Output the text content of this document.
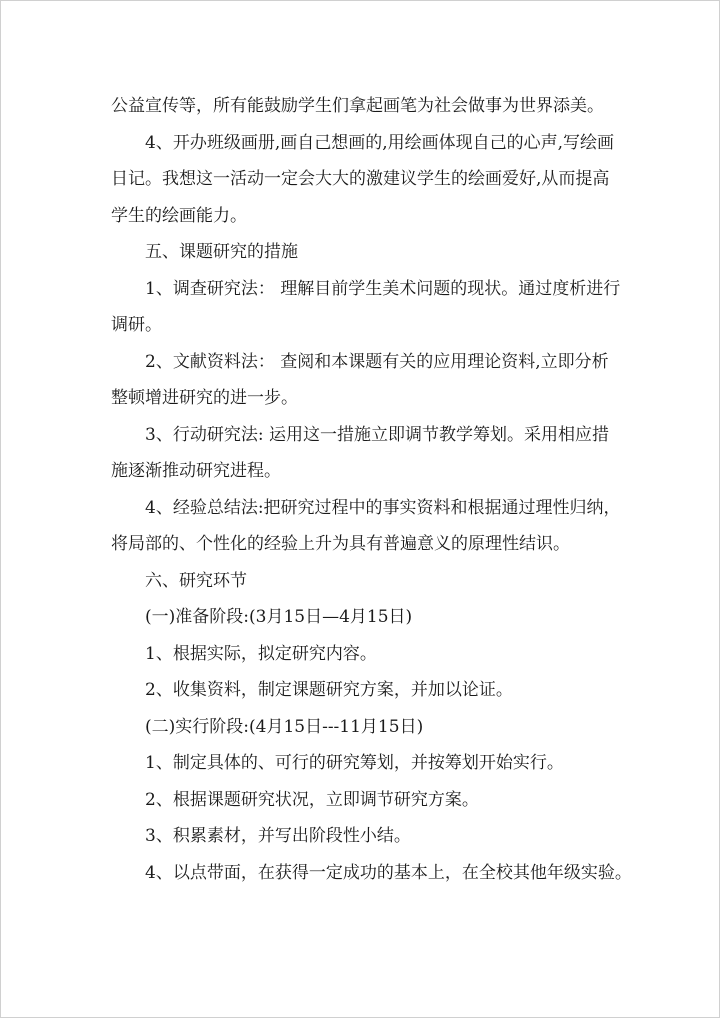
公益宣传等，所有能鼓励学生们拿起画笔为社会做事为世界添美。

4、开办班级画册,画自己想画的,用绘画体现自己的心声,写绘画

日记。我想这一活动一定会大大的激建议学生的绘画爱好,从而提高

学生的绘画能力。

五、课题研究的措施

1、调查研究法： 理解目前学生美术问题的现状。通过度析进行

调研。

2、文献资料法： 查阅和本课题有关的应用理论资料,立即分析

整顿增进研究的进一步。

3、行动研究法: 运用这一措施立即调节教学筹划。采用相应措

施逐渐推动研究进程。

4、经验总结法:把研究过程中的事实资料和根据通过理性归纳，

将局部的、个性化的经验上升为具有普遍意义的原理性结识。

六、研究环节

(一)准备阶段:(3月15日—4月15日)

1、根据实际，拟定研究内容。

2、收集资料，制定课题研究方案，并加以论证。

(二)实行阶段:(4月15日---11月15日)

1、制定具体的、可行的研究筹划，并按筹划开始实行。

2、根据课题研究状况，立即调节研究方案。

3、积累素材，并写出阶段性小结。

4、以点带面，在获得一定成功的基本上，在全校其他年级实验。
